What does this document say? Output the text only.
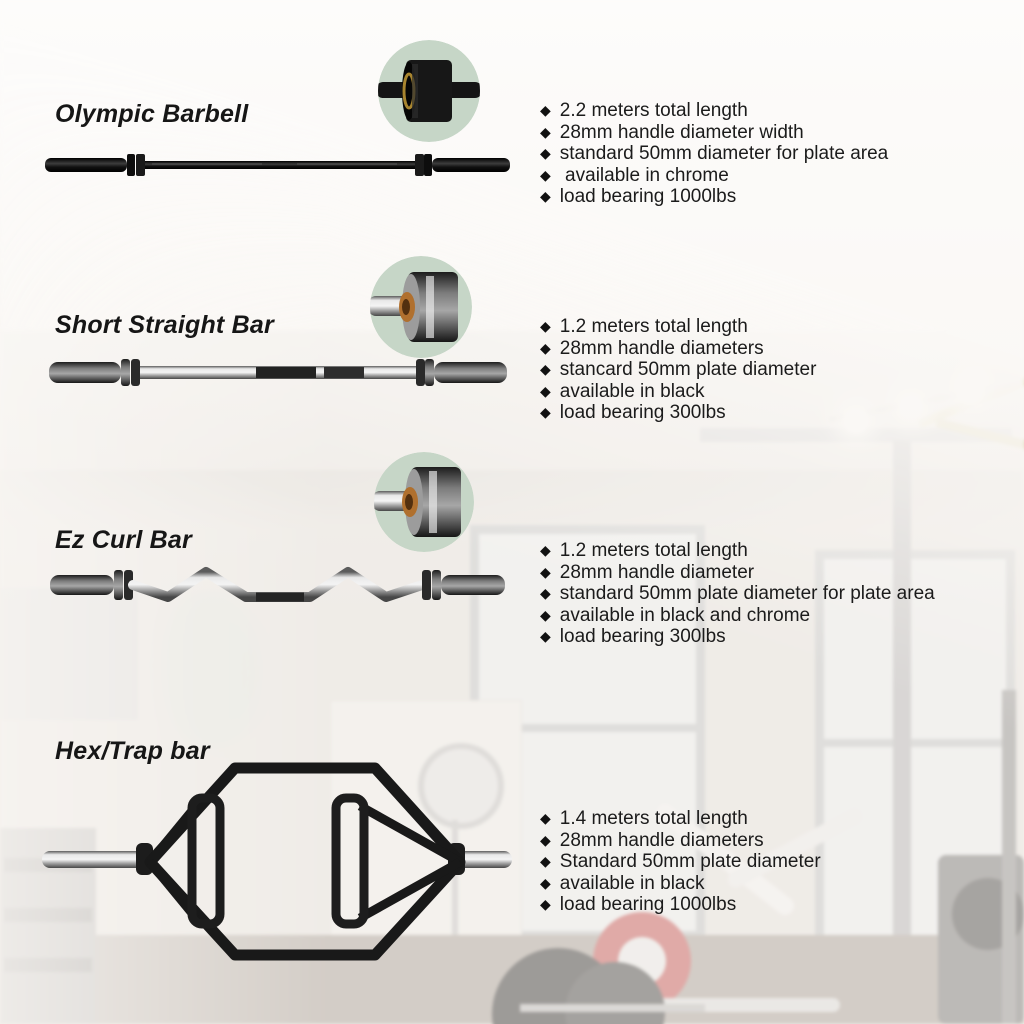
Olympic Barbell	◆ 2.2 meters total length
◆ 28mm handle diameter width
◆ standard 50mm diameter for plate area
◆ available in chrome
◆ load bearing 1000lbs
Short Straight Bar	◆ 1.2 meters total length
◆ 28mm handle diameters
◆ stancard 50mm plate diameter
◆ available in black
◆ load bearing 300lbs
Ez Curl Bar	◆ 1.2 meters total length
◆ 28mm handle diameter
◆ standard 50mm plate diameter for plate area
◆ available in black and chrome
◆ load bearing 300lbs
Hex/Trap bar
◆ 1.4 meters total length
◆ 28mm handle diameters
◆ Standard 50mm plate diameter
◆ available in black
◆ load bearing 1000lbs
